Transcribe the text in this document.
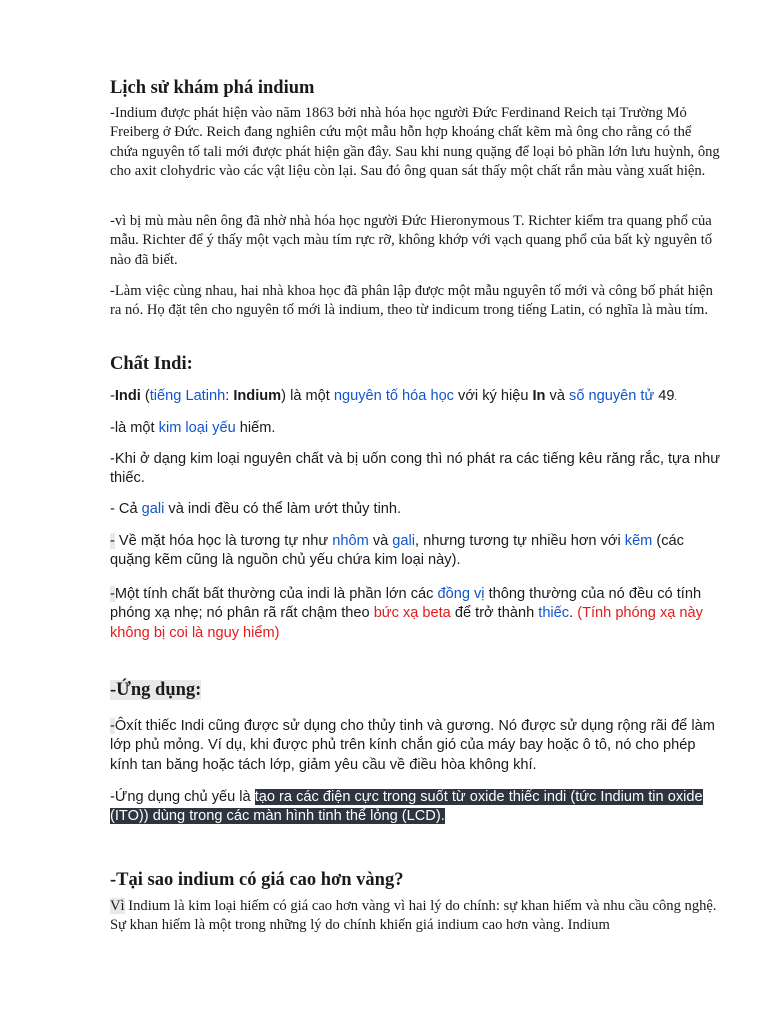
Lịch sử khám phá indium

-Indium được phát hiện vào năm 1863 bởi nhà hóa học người Đức Ferdinand Reich tại Trường Mỏ Freiberg ở Đức. Reich đang nghiên cứu một mẫu hỗn hợp khoáng chất kẽm mà ông cho rằng có thể chứa nguyên tố tali mới được phát hiện gần đây. Sau khi nung quặng để loại bỏ phần lớn lưu huỳnh, ông cho axit clohydric vào các vật liệu còn lại. Sau đó ông quan sát thấy một chất rắn màu vàng xuất hiện.

-vì bị mù màu nên ông đã nhờ nhà hóa học người Đức Hieronymous T. Richter kiểm tra quang phổ của mẫu. Richter để ý thấy một vạch màu tím rực rỡ, không khớp với vạch quang phổ của bất kỳ nguyên tố nào đã biết.

-Làm việc cùng nhau, hai nhà khoa học đã phân lập được một mẫu nguyên tố mới và công bố phát hiện ra nó. Họ đặt tên cho nguyên tố mới là indium, theo từ indicum trong tiếng Latin, có nghĩa là màu tím.

Chất Indi:

-Indi (tiếng Latinh: Indium) là một nguyên tố hóa học với ký hiệu In và số nguyên tử 49.

-là một kim loại yếu hiếm.

-Khi ở dạng kim loại nguyên chất và bị uốn cong thì nó phát ra các tiếng kêu răng rắc, tựa như thiếc.

- Cả gali và indi đều có thể làm ướt thủy tinh.

- Về mặt hóa học là tương tự như nhôm và gali, nhưng tương tự nhiều hơn với kẽm (các quặng kẽm cũng là nguồn chủ yếu chứa kim loại này).

-Một tính chất bất thường của indi là phần lớn các đồng vị thông thường của nó đều có tính phóng xạ nhẹ; nó phân rã rất chậm theo bức xạ beta để trở thành thiếc. (Tính phóng xạ này không bị coi là nguy hiểm)

-Ứng dụng:

-Ôxít thiếc Indi cũng được sử dụng cho thủy tinh và gương. Nó được sử dụng rộng rãi để làm lớp phủ mỏng. Ví dụ, khi được phủ trên kính chắn gió của máy bay hoặc ô tô, nó cho phép kính tan băng hoặc tách lớp, giảm yêu cầu về điều hòa không khí.

-Ứng dụng chủ yếu là tạo ra các điện cực trong suốt từ oxide thiếc indi (tức Indium tin oxide (ITO)) dùng trong các màn hình tinh thể lỏng (LCD).

-Tại sao indium có giá cao hơn vàng?

Vì Indium là kim loại hiếm có giá cao hơn vàng vì hai lý do chính: sự khan hiếm và nhu cầu công nghệ. Sự khan hiếm là một trong những lý do chính khiến giá indium cao hơn vàng. Indium
